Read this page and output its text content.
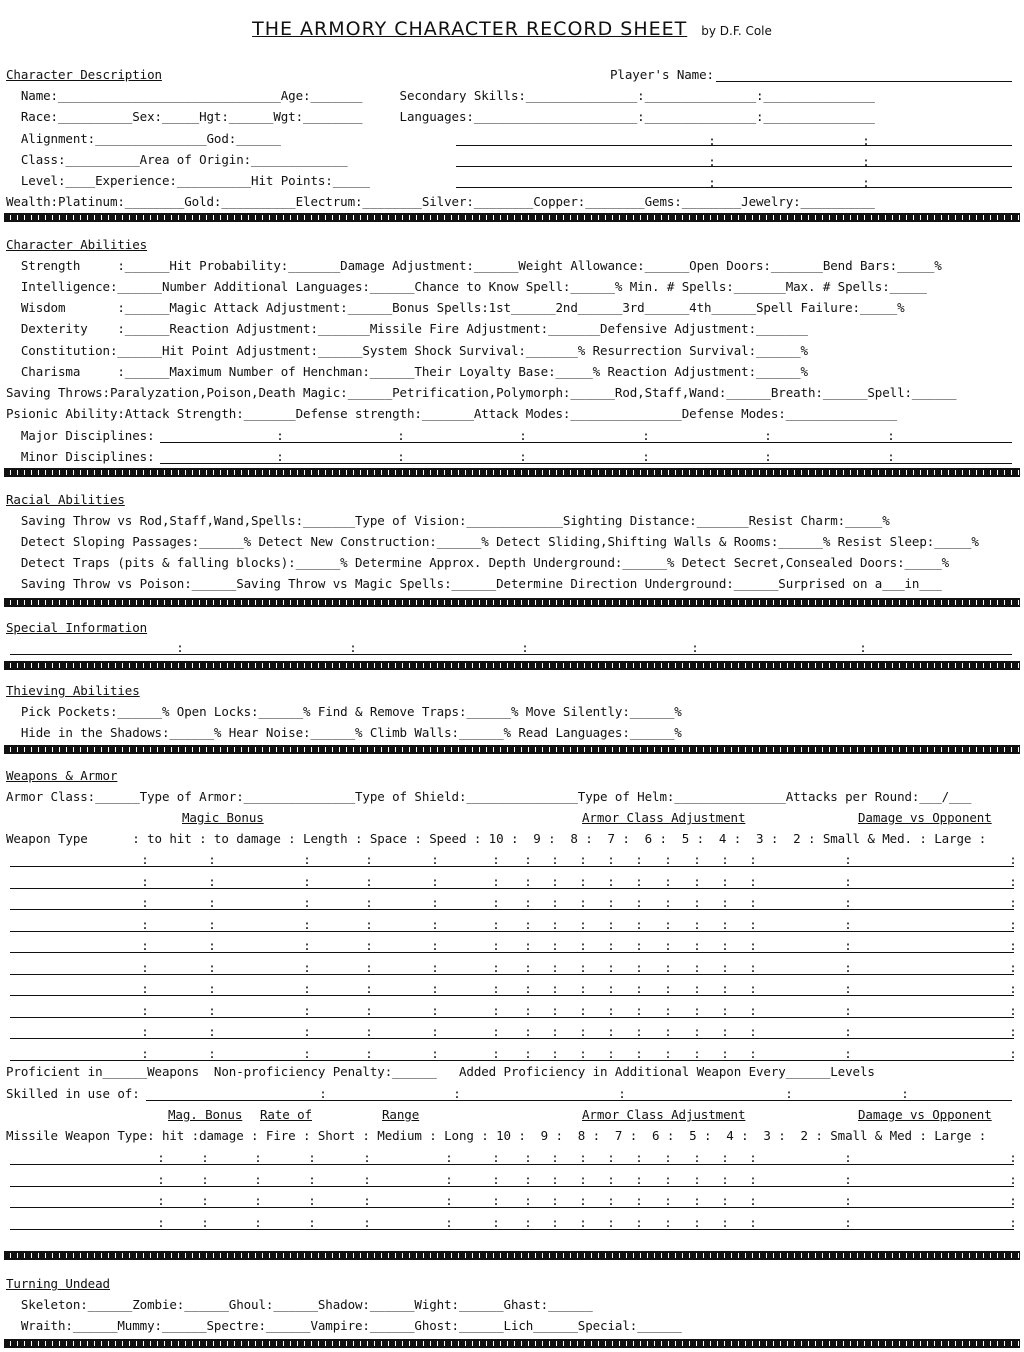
THE ARMORY CHARACTER RECORD SHEET by D.F. Cole
Character Description	Player's Name:
Name:______________________________Age:_______     Secondary Skills:_______________:_______________:_______________
Race:__________Sex:_____Hgt:______Wgt:________     Languages:______________________:_______________:_______________
Alignment:_______________God:______
Class:__________Area of Origin:_____________
Level:____Experience:__________Hit Points:_____
:	:
:	:
:	:
Wealth:Platinum:________Gold:__________Electrum:________Silver:________Copper:________Gems:________Jewelry:__________
Character Abilities
Strength     :______Hit Probability:_______Damage Adjustment:______Weight Allowance:______Open Doors:_______Bend Bars:_____%
Intelligence:______Number Additional Languages:______Chance to Know Spell:______% Min. # Spells:_______Max. # Spells:_____
Wisdom       :______Magic Attack Adjustment:______Bonus Spells:1st______2nd______3rd______4th______Spell Failure:_____%
Dexterity    :______Reaction Adjustment:_______Missile Fire Adjustment:_______Defensive Adjustment:_______
Constitution:______Hit Point Adjustment:______System Shock Survival:_______% Resurrection Survival:______%
Charisma     :______Maximum Number of Henchman:______Their Loyalty Base:_____% Reaction Adjustment:______%
Saving Throws:Paralyzation,Poison,Death Magic:______Petrification,Polymorph:______Rod,Staff,Wand:______Breath:______Spell:______
Psionic Ability:Attack Strength:_______Defense strength:_______Attack Modes:_______________Defense Modes:_______________
Major Disciplines:	:	:	:	:	:	:
Minor Disciplines:	:	:	:	:	:	:
Racial Abilities
Saving Throw vs Rod,Staff,Wand,Spells:_______Type of Vision:_____________Sighting Distance:_______Resist Charm:_____%
Detect Sloping Passages:______% Detect New Construction:______% Detect Sliding,Shifting Walls & Rooms:______% Resist Sleep:_____%
Detect Traps (pits & falling blocks):______% Determine Approx. Depth Underground:______% Detect Secret,Consealed Doors:_____%
Saving Throw vs Poison:______Saving Throw vs Magic Spells:______Determine Direction Underground:______Surprised on a___in___
Special Information
:	:	:	:	:
Thieving Abilities
Pick Pockets:______% Open Locks:______% Find & Remove Traps:______% Move Silently:______%
Hide in the Shadows:______% Hear Noise:______% Climb Walls:______% Read Languages:______%
Weapons & Armor
Armor Class:______Type of Armor:_______________Type of Shield:_______________Type of Helm:_______________Attacks per Round:___/___
Magic Bonus	Armor Class Adjustment	Damage vs Opponent
Weapon Type      : to hit : to damage : Length : Space : Speed : 10 :  9 :  8 :  7 :  6 :  5 :  4 :  3 :  2 : Small & Med. : Large :
:	:	:	:	:	: : : : : : : : : :	:	:
:	:	:	:	:	: : : : : : : : : :	:	:
:	:	:	:	:	: : : : : : : : : :	:	:
:	:	:	:	:	: : : : : : : : : :	:	:
:	:	:	:	:	: : : : : : : : : :	:	:
:	:	:	:	:	: : : : : : : : : :	:	:
:	:	:	:	:	: : : : : : : : : :	:	:
:	:	:	:	:	: : : : : : : : : :	:	:
:	:	:	:	:	: : : : : : : : : :	:	:
:	:	:	:	:	: : : : : : : : : :	:	:
Proficient in______Weapons  Non-proficiency Penalty:______   Added Proficiency in Additional Weapon Every______Levels
Skilled in use of:	:	:	:	:	:
Mag. Bonus Rate of	Range	Armor Class Adjustment	Damage vs Opponent
Missile Weapon Type: hit :damage : Fire : Short : Medium : Long : 10 :  9 :  8 :  7 :  6 :  5 :  4 :  3 :  2 : Small & Med : Large :
:	:	:	:	:	:	: : : : : : : : : :	:	:
:	:	:	:	:	:	: : : : : : : : : :	:	:
:	:	:	:	:	:	: : : : : : : : : :	:	:
:	:	:	:	:	:	: : : : : : : : : :	:	:
Turning Undead
Skeleton:______Zombie:______Ghoul:______Shadow:______Wight:______Ghast:______
Wraith:______Mummy:______Spectre:______Vampire:______Ghost:______Lich______Special:______
